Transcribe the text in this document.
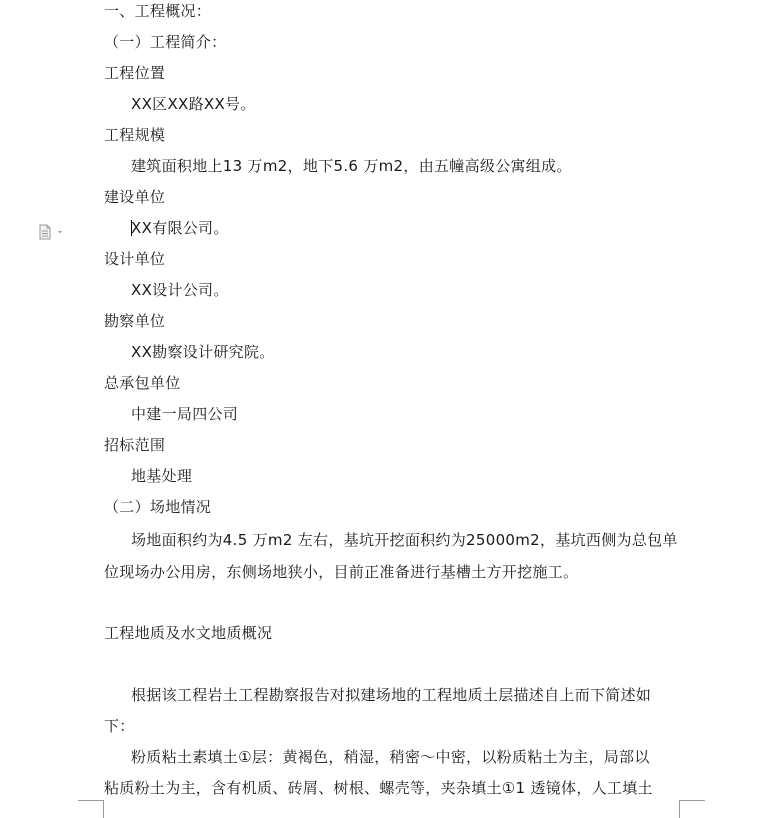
一、工程概况：
（一）工程简介：
工程位置
XX区XX路XX号。
工程规模
建筑面积地上13 万m2，地下5.6 万m2，由五幢高级公寓组成。
建设单位
XX有限公司。
设计单位
XX设计公司。
勘察单位
XX勘察设计研究院。
总承包单位
中建一局四公司
招标范围
地基处理
（二）场地情况
场地面积约为4.5 万m2 左右，基坑开挖面积约为25000m2，基坑西侧为总包单
位现场办公用房，东侧场地狭小，目前正准备进行基槽土方开挖施工。
工程地质及水文地质概况
根据该工程岩土工程勘察报告对拟建场地的工程地质土层描述自上而下简述如
下：
粉质粘土素填土①层：黄褐色，稍湿，稍密～中密，以粉质粘土为主，局部以
粘质粉土为主，含有机质、砖屑、树根、螺壳等，夹杂填土①1 透镜体，人工填土
